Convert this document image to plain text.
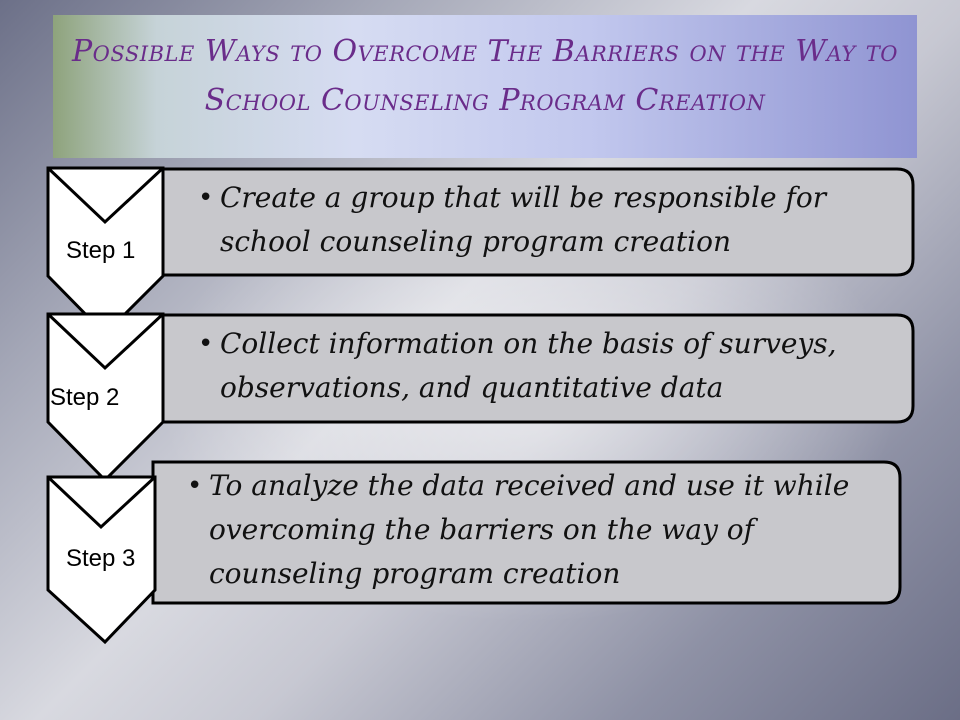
Possible Ways to Overcome The Barriers on the Way to School Counseling Program Creation
Step 1
Step 2
Step 3
• Create a group that will be responsible for school counseling program creation
• Collect information on the basis of surveys, observations, and quantitative data
• To analyze the data received and use it while overcoming the barriers on the way of counseling program creation
